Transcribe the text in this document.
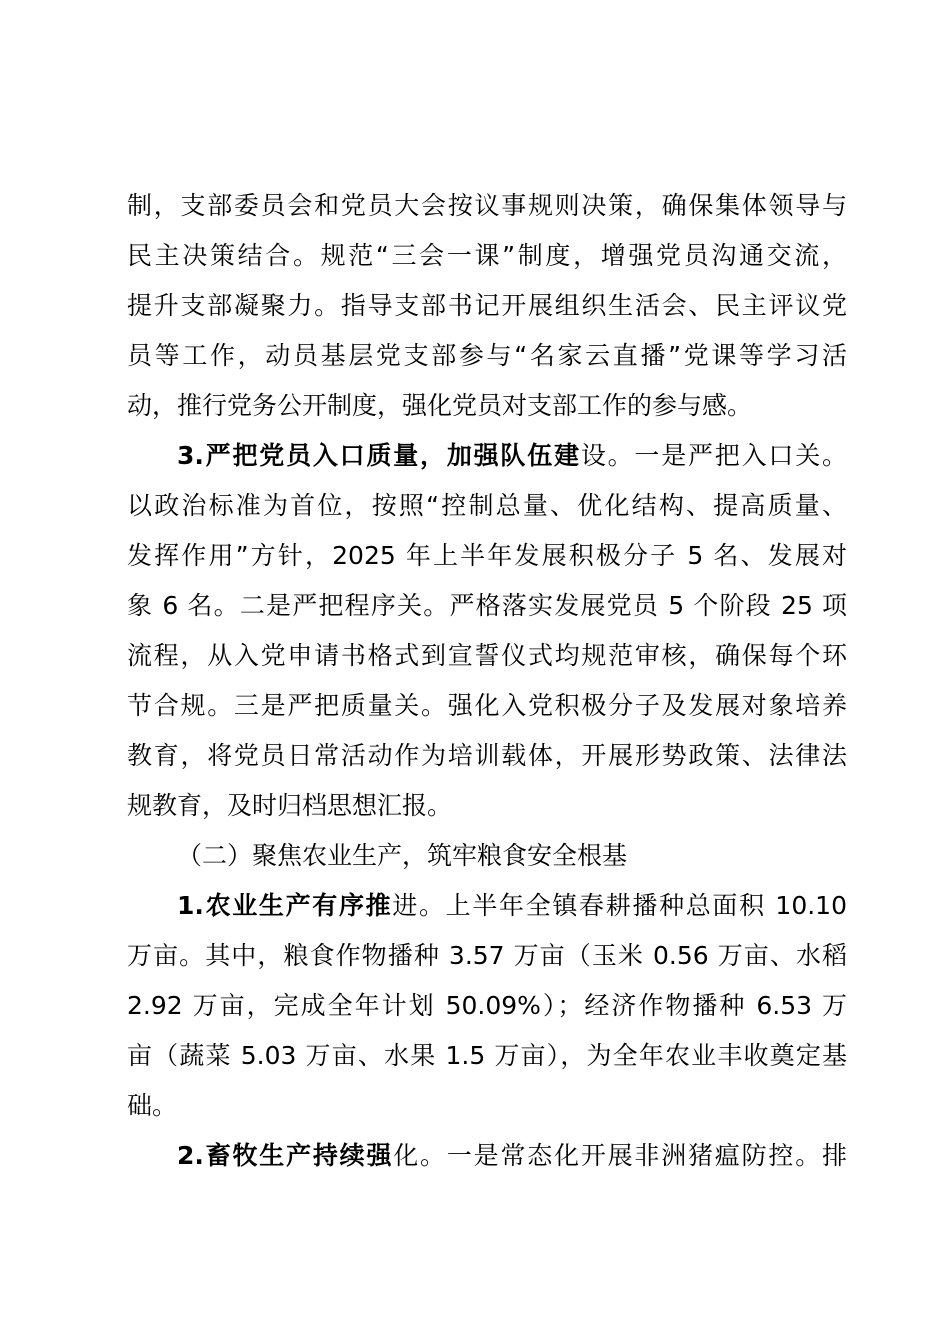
制，支部委员会和党员大会按议事规则决策，确保集体领导与
民主决策结合。规范“三会一课”制度，增强党员沟通交流，
提升支部凝聚力。指导支部书记开展组织生活会、民主评议党
员等工作，动员基层党支部参与“名家云直播”党课等学习活
动，推行党务公开制度，强化党员对支部工作的参与感。
3.严把党员入口质量，加强队伍建设。一是严把入口关。
以政治标准为首位，按照“控制总量、优化结构、提高质量、
发挥作用”方针，2025 年上半年发展积极分子 5 名、发展对
象 6 名。二是严把程序关。严格落实发展党员 5 个阶段 25 项
流程，从入党申请书格式到宣誓仪式均规范审核，确保每个环
节合规。三是严把质量关。强化入党积极分子及发展对象培养
教育，将党员日常活动作为培训载体，开展形势政策、法律法
规教育，及时归档思想汇报。
（二）聚焦农业生产，筑牢粮食安全根基
1.农业生产有序推进。上半年全镇春耕播种总面积 10.10
万亩。其中，粮食作物播种 3.57 万亩（玉米 0.56 万亩、水稻
2.92 万亩，完成全年计划 50.09%）；经济作物播种 6.53 万
亩（蔬菜 5.03 万亩、水果 1.5 万亩），为全年农业丰收奠定基
础。
2.畜牧生产持续强化。一是常态化开展非洲猪瘟防控。排
